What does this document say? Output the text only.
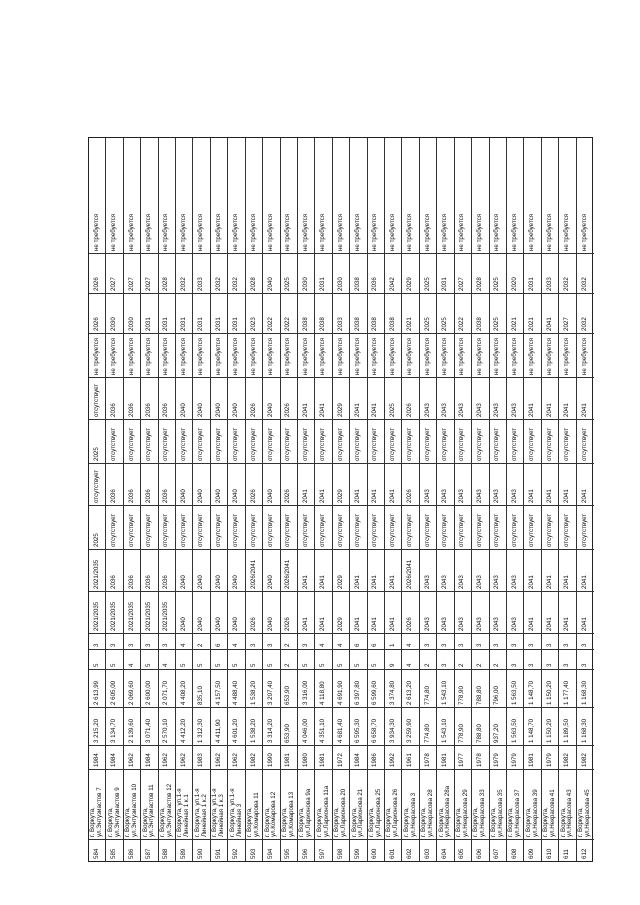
584
г. Воркута, ул.Энтузиастов 7
1984
3 215,20
2 613,99
5
3
2021/2035
2021/2035
2025
отсутствует
2025
отсутствует
не требуется
2026
2026
не требуется
585
г. Воркута, ул.Энтузиастов 9
1984
3 134,70
2 605,00
5
3
2021/2035
2036
отсутствует
2036
отсутствует
2036
не требуется
2030
2027
не требуется
586
г. Воркута, ул.Энтузиастов 10
1962
2 139,60
2 069,60
4
3
2021/2035
2036
отсутствует
2036
отсутствует
2036
не требуется
2030
2027
не требуется
587
г. Воркута, ул.Энтузиастов 11
1984
3 071,40
2 600,00
5
3
2021/2035
2036
отсутствует
2036
отсутствует
2036
не требуется
2031
2027
не требуется
588
г. Воркута, ул.Энтузиастов 12
1962
2 570,10
2 071,70
4
3
2021/2035
2036
отсутствует
2036
отсутствует
2036
не требуется
2031
2028
не требуется
589
г. Воркута, ул.1-я Линейная 1 к.1
1962
4 412,20
4 408,20
5
4
2040
2040
отсутствует
2040
отсутствует
2040
не требуется
2031
2032
не требуется
590
г. Воркута, ул.1-я Линейная 1 к.2
1983
1 312,30
835,10
5
2
2040
2040
отсутствует
2040
отсутствует
2040
не требуется
2031
2033
не требуется
591
г. Воркута, ул.1-я Линейная 1 к.3
1962
4 411,90
4 157,50
5
6
2040
2040
отсутствует
2040
отсутствует
2040
не требуется
2031
2032
не требуется
592
г. Воркута, ул.1-я Линейная 3
1962
4 601,20
4 488,40
5
4
2040
2040
отсутствует
2040
отсутствует
2040
не требуется
2031
2032
не требуется
593
г. Воркута, ул.Комарова 11
1982
1 538,20
1 538,20
5
3
2026
2026/2041
отсутствует
2026
отсутствует
2026
не требуется
2023
2028
не требуется
594
г. Воркута, ул.Комарова 12
1990
3 314,20
3 207,40
5
3
2040
2040
отсутствует
2040
отсутствует
2040
не требуется
2022
2040
не требуется
595
г. Воркута, ул.Комарова 13
1981
653,90
653,90
2
2
2026
2026/2041
отсутствует
2026
отсутствует
2026
не требуется
2022
2025
не требуется
596
г. Воркута, ул.Ларионова 9а
1980
4 046,00
3 316,00
5
3
2041
2041
отсутствует
2041
отсутствует
2041
не требуется
2038
2030
не требуется
597
г. Воркута, ул.Ларионова 11а
1981
4 351,10
4 118,80
5
4
2041
2041
отсутствует
2041
отсутствует
2041
не требуется
2038
2031
не требуется
598
г. Воркута, ул.Ларионова 20
1972
4 681,40
4 691,90
5
4
2029
2029
отсутствует
2029
отсутствует
2029
не требуется
2033
2030
не требуется
599
г. Воркута, ул.Ларионова 21
1984
6 595,30
6 397,80
5
6
2041
2041
отсутствует
2041
отсутствует
2041
не требуется
2038
2038
не требуется
600
г. Воркута, ул.Ларионова 25
1986
6 658,70
6 599,60
5
6
2041
2041
отсутствует
2041
отсутствует
2041
не требуется
2038
2036
не требуется
601
г. Воркута, ул.Ларионова 26
1992
3 934,30
3 374,80
9
1
2041
2041
отсутствует
2041
отсутствует
2025
не требуется
2038
2042
не требуется
602
г. Воркута, ул.Некрасова 3
1961
3 259,90
2 613,20
4
4
2026
2026/2041
отсутствует
2026
отсутствует
2026
не требуется
2021
2029
не требуется
603
г. Воркута, ул.Некрасова 28
1978
774,80
774,80
2
3
2043
2043
отсутствует
2043
отсутствует
2043
не требуется
2025
2025
не требуется
604
г. Воркута, ул.Некрасова 28а
1981
1 543,10
1 543,10
3
3
2043
2043
отсутствует
2043
отсутствует
2043
не требуется
2025
2031
не требуется
605
г. Воркута, ул.Некрасова 29
1977
778,90
778,90
2
3
2043
2043
отсутствует
2043
отсутствует
2043
не требуется
2022
2027
не требуется
606
г. Воркута, ул.Некрасова 33
1978
788,80
788,80
2
3
2043
2043
отсутствует
2043
отсутствует
2043
не требуется
2038
2028
не требуется
607
г. Воркута, ул.Некрасова 35
1979
937,20
796,00
2
3
2043
2043
отсутствует
2043
отсутствует
2043
не требуется
2025
2025
не требуется
608
г. Воркута, ул.Некрасова 37
1979
1 563,50
1 563,50
3
3
2043
2043
отсутствует
2043
отсутствует
2043
не требуется
2021
2020
не требуется
609
г. Воркута, ул.Некрасова 39
1981
1 148,70
1 148,70
3
3
2041
2041
отсутствует
2041
отсутствует
2041
не требуется
2021
2031
не требуется
610
г. Воркута, ул.Некрасова 41
1979
1 150,20
1 150,20
3
3
2041
2041
отсутствует
2041
отсутствует
2041
не требуется
2041
2033
не требуется
611
г. Воркута, ул.Некрасова 43
1982
1 189,50
1 177,40
3
3
2041
2041
отсутствует
2041
отсутствует
2041
не требуется
2027
2032
не требуется
612
г. Воркута, ул.Некрасова 45
1982
1 168,30
1 168,30
3
3
2041
2041
отсутствует
2041
отсутствует
2041
не требуется
2032
2032
не требуется
